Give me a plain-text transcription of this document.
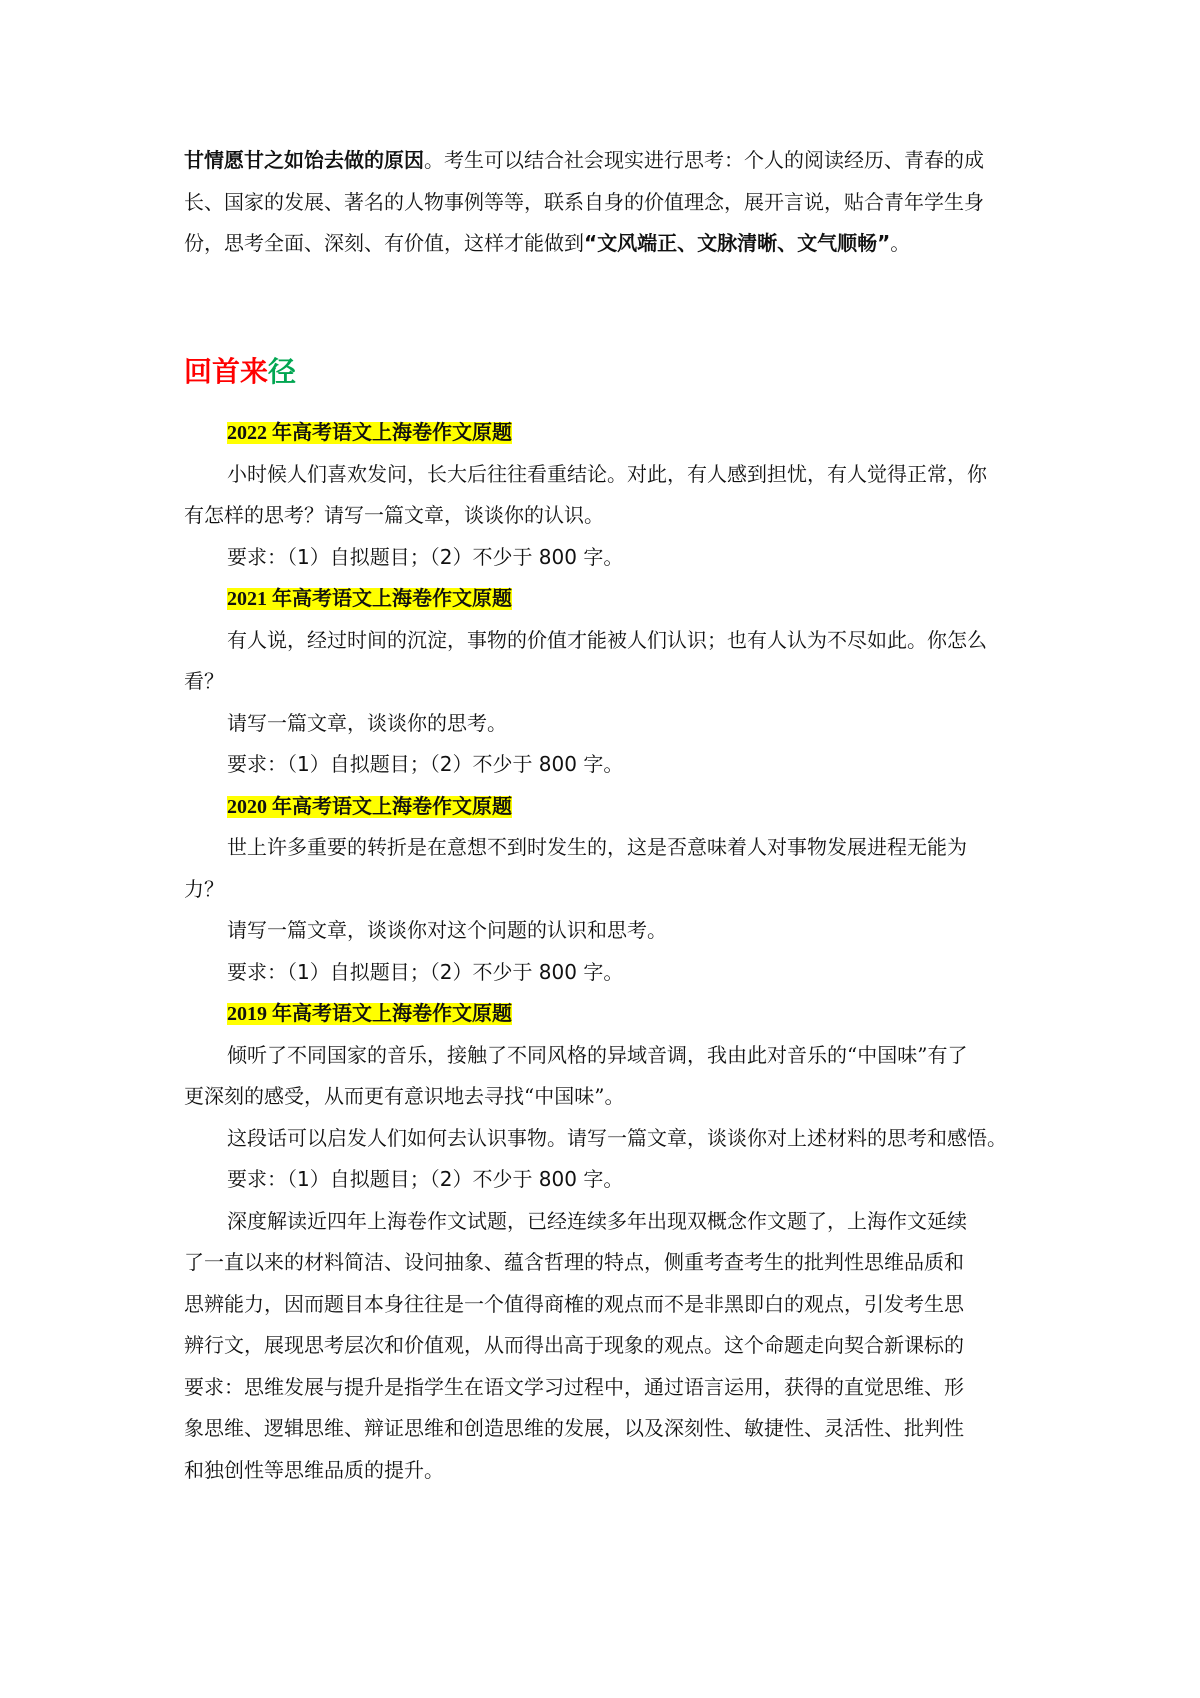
甘情愿甘之如饴去做的原因。考生可以结合社会现实进行思考：个人的阅读经历、青春的成
长、国家的发展、著名的人物事例等等，联系自身的价值理念，展开言说，贴合青年学生身
份，思考全面、深刻、有价值，这样才能做到“文风端正、文脉清晰、文气顺畅”。
回首来径
2022 年高考语文上海卷作文原题
小时候人们喜欢发问，长大后往往看重结论。对此，有人感到担忧，有人觉得正常，你
有怎样的思考？请写一篇文章，谈谈你的认识。
要求：（1）自拟题目；（2）不少于 800 字。
2021 年高考语文上海卷作文原题
有人说，经过时间的沉淀，事物的价值才能被人们认识；也有人认为不尽如此。你怎么
看？
请写一篇文章，谈谈你的思考。
要求：（1）自拟题目；（2）不少于 800 字。
2020 年高考语文上海卷作文原题
世上许多重要的转折是在意想不到时发生的，这是否意味着人对事物发展进程无能为
力？
请写一篇文章，谈谈你对这个问题的认识和思考。
要求：（1）自拟题目；（2）不少于 800 字。
2019 年高考语文上海卷作文原题
倾听了不同国家的音乐，接触了不同风格的异域音调，我由此对音乐的“中国味”有了
更深刻的感受，从而更有意识地去寻找“中国味”。
这段话可以启发人们如何去认识事物。请写一篇文章，谈谈你对上述材料的思考和感悟。
要求：（1）自拟题目；（2）不少于 800 字。
深度解读近四年上海卷作文试题，已经连续多年出现双概念作文题了，上海作文延续
了一直以来的材料简洁、设问抽象、蕴含哲理的特点，侧重考查考生的批判性思维品质和
思辨能力，因而题目本身往往是一个值得商榷的观点而不是非黑即白的观点，引发考生思
辨行文，展现思考层次和价值观，从而得出高于现象的观点。这个命题走向契合新课标的
要求：思维发展与提升是指学生在语文学习过程中，通过语言运用，获得的直觉思维、形
象思维、逻辑思维、辩证思维和创造思维的发展，以及深刻性、敏捷性、灵活性、批判性
和独创性等思维品质的提升。
